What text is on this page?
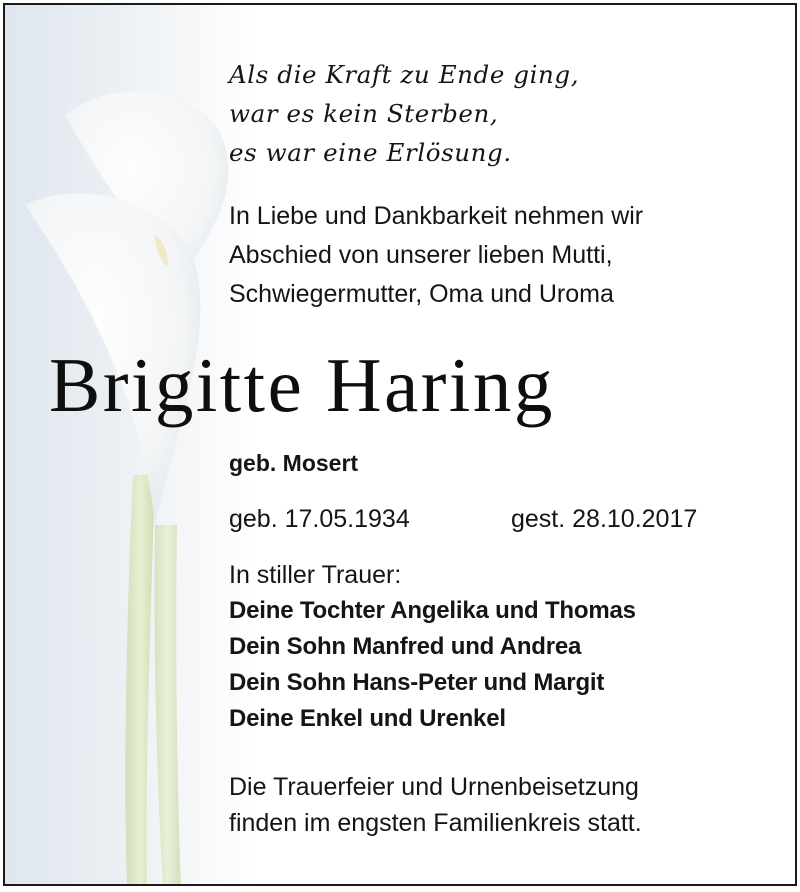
Als die Kraft zu Ende ging,
war es kein Sterben,
es war eine Erlösung.
In Liebe und Dankbarkeit nehmen wir
Abschied von unserer lieben Mutti,
Schwiegermutter, Oma und Uroma
Brigitte Haring
geb. Mosert
geb. 17.05.1934	gest. 28.10.2017
In stiller Trauer:
Deine Tochter Angelika und Thomas
Dein Sohn Manfred und Andrea
Dein Sohn Hans-Peter und Margit
Deine Enkel und Urenkel
Die Trauerfeier und Urnenbeisetzung
finden im engsten Familienkreis statt.
